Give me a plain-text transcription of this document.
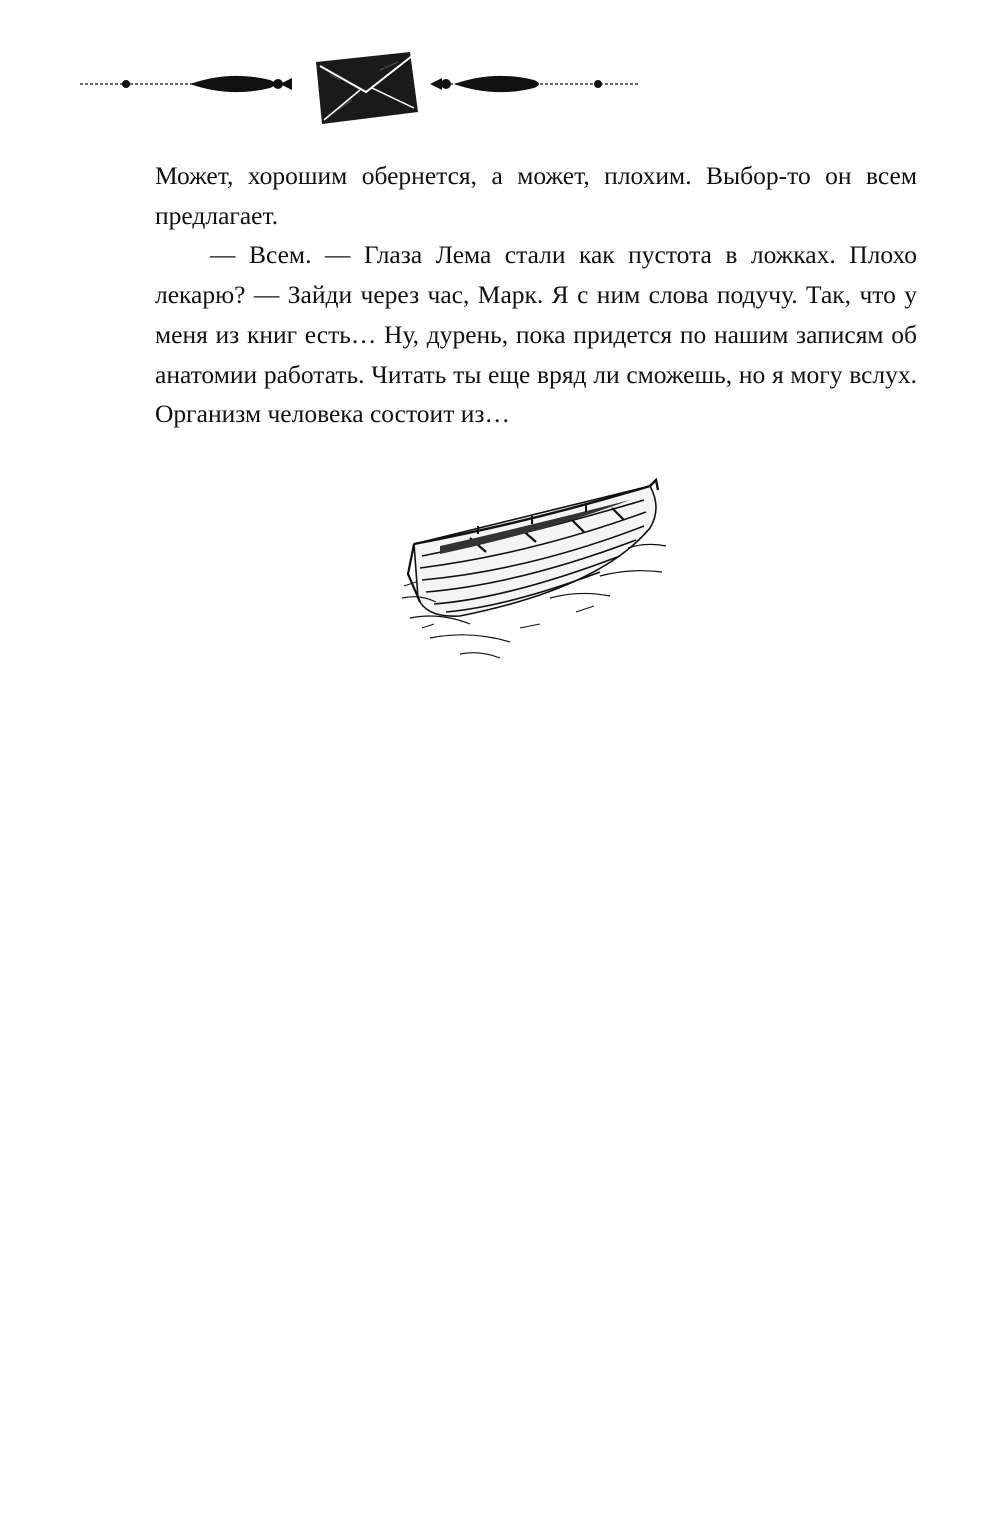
Может, хорошим обернется, а может, плохим. Выбор-то он всем предлагает.

— Всем. — Глаза Лема стали как пустота в ложках. Плохо лекарю? — Зайди через час, Марк. Я с ним слова подучу. Так, что у меня из книг есть… Ну, дурень, пока придется по нашим записям об анатомии работать. Читать ты еще вряд ли сможешь, но я могу вслух. Организм человека состоит из…
